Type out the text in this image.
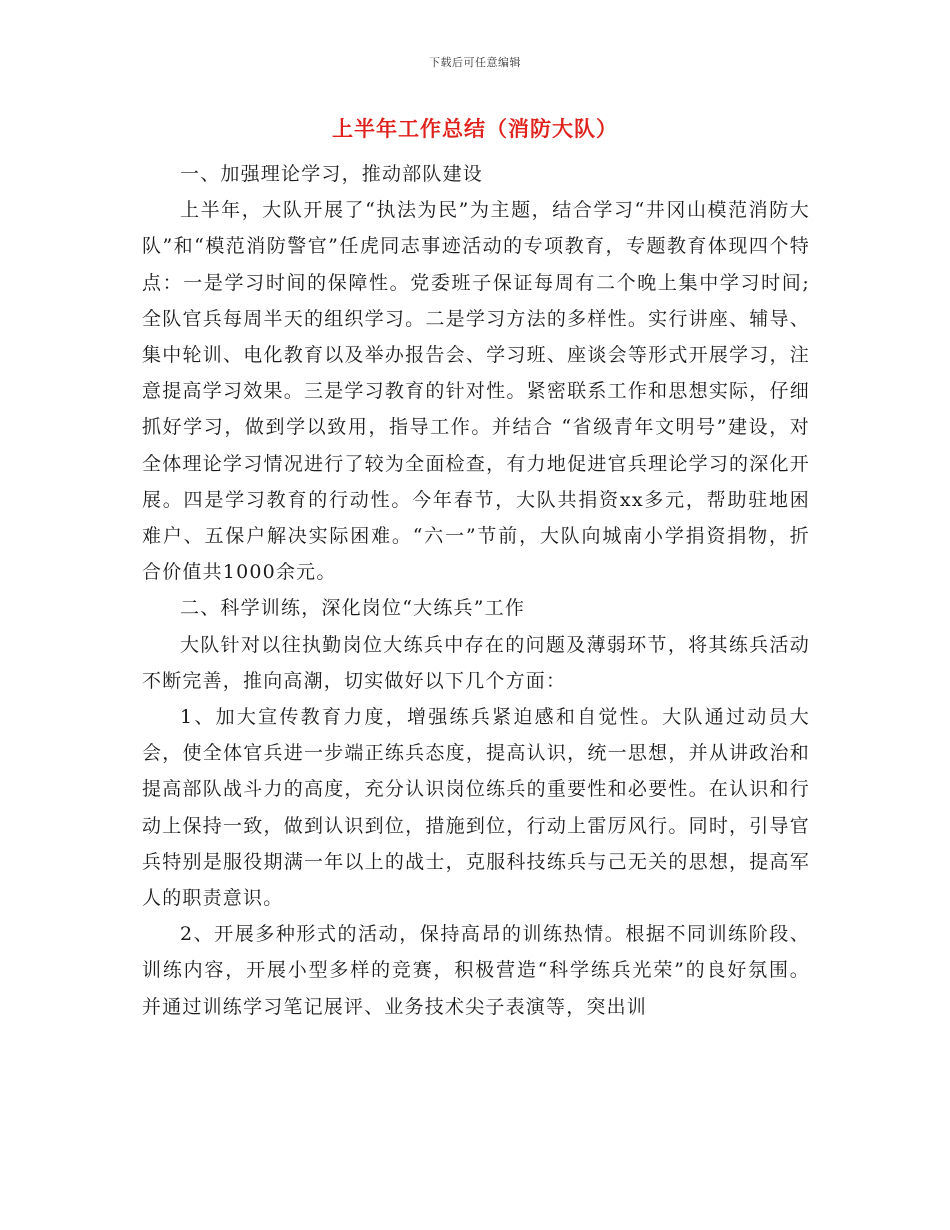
下载后可任意编辑
上半年工作总结（消防大队）

一、加强理论学习，推动部队建设

上半年，大队开展了“执法为民”为主题，结合学习“井冈山模范消防大队”和“模范消防警官”任虎同志事迹活动的专项教育，专题教育体现四个特点：一是学习时间的保障性。党委班子保证每周有二个晚上集中学习时间;全队官兵每周半天的组织学习。二是学习方法的多样性。实行讲座、辅导、集中轮训、电化教育以及举办报告会、学习班、座谈会等形式开展学习，注意提高学习效果。三是学习教育的针对性。紧密联系工作和思想实际，仔细抓好学习，做到学以致用，指导工作。并结合 “省级青年文明号”建设，对全体理论学习情况进行了较为全面检查，有力地促进官兵理论学习的深化开展。四是学习教育的行动性。今年春节，大队共捐资xx多元，帮助驻地困难户、五保户解决实际困难。“六一”节前，大队向城南小学捐资捐物，折合价值共1000余元。

二、科学训练，深化岗位“大练兵”工作

大队针对以往执勤岗位大练兵中存在的问题及薄弱环节，将其练兵活动不断完善，推向高潮，切实做好以下几个方面：

1、加大宣传教育力度，增强练兵紧迫感和自觉性。大队通过动员大会，使全体官兵进一步端正练兵态度，提高认识，统一思想，并从讲政治和提高部队战斗力的高度，充分认识岗位练兵的重要性和必要性。在认识和行动上保持一致，做到认识到位，措施到位，行动上雷厉风行。同时，引导官兵特别是服役期满一年以上的战士，克服科技练兵与己无关的思想，提高军人的职责意识。

2、开展多种形式的活动，保持高昂的训练热情。根据不同训练阶段、训练内容，开展小型多样的竞赛，积极营造“科学练兵光荣”的良好氛围。并通过训练学习笔记展评、业务技术尖子表演等，突出训
